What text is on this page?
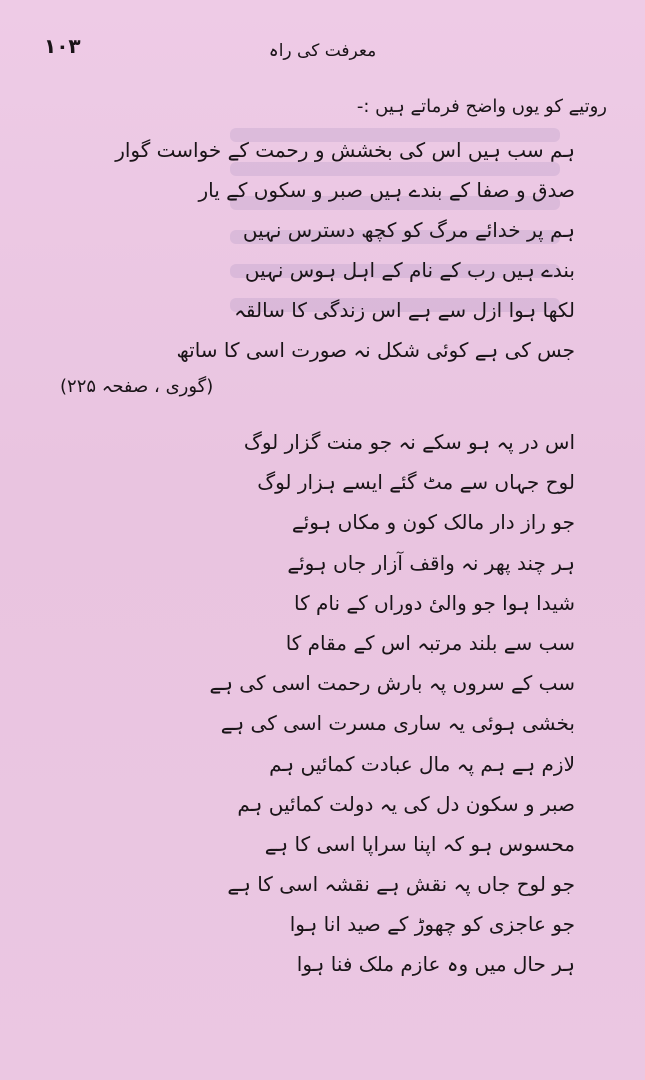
۱۰۳	معرفت کی راہ
روتیے کو یوں واضح فرماتے ہیں :-
ہم سب ہیں اس کی بخشش و رحمت کے خواست گوار
صدق و صفا کے بندے ہیں صبر و سکوں کے یار
ہم پر خدائے مرگ کو کچھ دسترس نہیں
بندے ہیں رب کے نام کے اہل ہوس نہیں
لکھا ہوا ازل سے ہے اس زندگی کا سالقہ
جس کی ہے کوئی شکل نہ صورت اسی کا ساتھ
(گوری ، صفحہ ۲۲۵)
اس در پہ ہو سکے نہ جو منت گزار لوگ
لوح جہاں سے مٹ گئے ایسے ہزار لوگ
جو راز دار مالک کون و مکاں ہوئے
ہر چند پھر نہ واقف آزار جاں ہوئے
شیدا ہوا جو والیٔ دوراں کے نام کا
سب سے بلند مرتبہ اس کے مقام کا
سب کے سروں پہ بارش رحمت اسی کی ہے
بخشی ہوئی یہ ساری مسرت اسی کی ہے
لازم ہے ہم پہ مال عبادت کمائیں ہم
صبر و سکون دل کی یہ دولت کمائیں ہم
محسوس ہو کہ اپنا سراپا اسی کا ہے
جو لوح جاں پہ نقش ہے نقشہ اسی کا ہے
جو عاجزی کو چھوڑ کے صید انا ہوا
ہر حال میں وہ عازم ملک فنا ہوا
